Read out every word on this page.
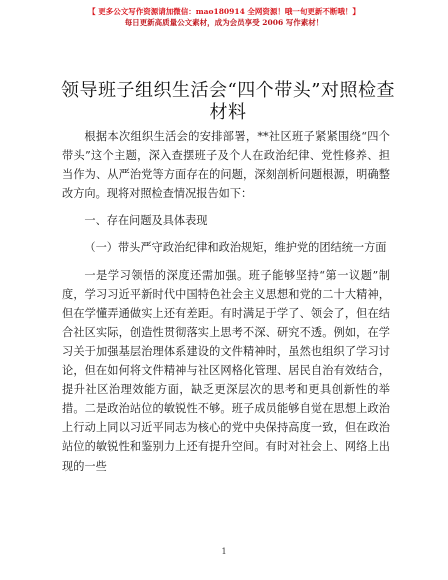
【 更多公文写作资源请加微信：mao180914 全网资源！哦一旬更新不断哦！】
每日更新高质量公文素材，成为会员享受 2006 写作素材！
领导班子组织生活会“四个带头”对照检查材料

根据本次组织生活会的安排部署，**社区班子紧紧围绕“四个带头”这个主题，深入查摆班子及个人在政治纪律、党性修养、担当作为、从严治党等方面存在的问题，深刻剖析问题根源，明确整改方向。现将对照检查情况报告如下：

一、存在问题及具体表现

（一）带头严守政治纪律和政治规矩，维护党的团结统一方面

一是学习领悟的深度还需加强。班子能够坚持“第一议题”制度，学习习近平新时代中国特色社会主义思想和党的二十大精神，但在学懂弄通做实上还有差距。有时满足于学了、领会了，但在结合社区实际，创造性贯彻落实上思考不深、研究不透。例如，在学习关于加强基层治理体系建设的文件精神时，虽然也组织了学习讨论，但在如何将文件精神与社区网格化管理、居民自治有效结合，提升社区治理效能方面，缺乏更深层次的思考和更具创新性的举措。二是政治站位的敏锐性不够。班子成员能够自觉在思想上政治上行动上同以习近平同志为核心的党中央保持高度一致，但在政治站位的敏锐性和鉴别力上还有提升空间。有时对社会上、网络上出现的一些

1
